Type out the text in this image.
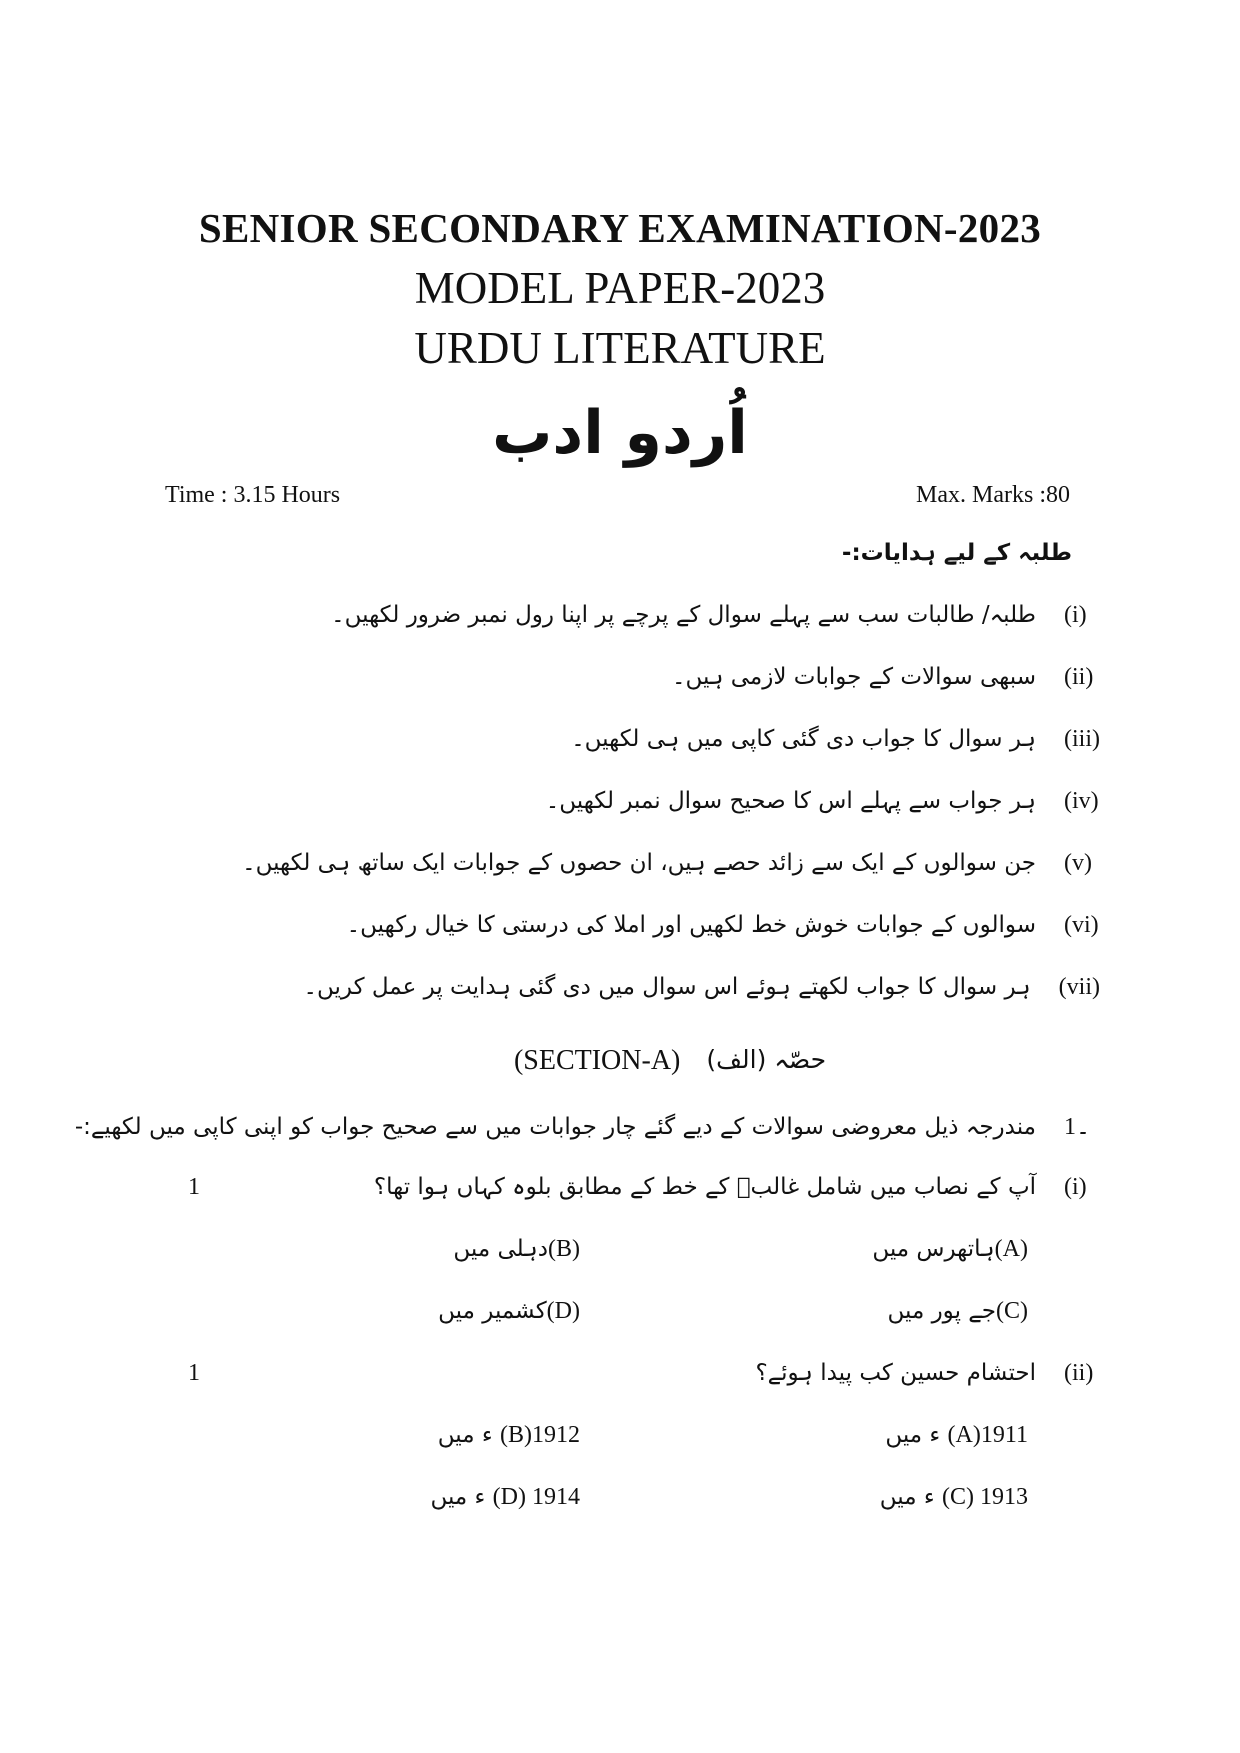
SENIOR SECONDARY EXAMINATION-2023
MODEL PAPER-2023
URDU LITERATURE
اُردو ادب
Time : 3.15 Hours	Max. Marks :80
طلبہ کے لیے ہدایات:-
(i)
طلبہ/ طالبات سب سے پہلے سوال کے پرچے پر اپنا رول نمبر ضرور لکھیں۔
(ii)
سبھی سوالات کے جوابات لازمی ہیں۔
(iii)
ہر سوال کا جواب دی گئی کاپی میں ہی لکھیں۔
(iv)
ہر جواب سے پہلے اس کا صحیح سوال نمبر لکھیں۔
(v)
جن سوالوں کے ایک سے زائد حصے ہیں، ان حصوں کے جوابات ایک ساتھ ہی لکھیں۔
(vi)
سوالوں کے جوابات خوش خط لکھیں اور املا کی درستی کا خیال رکھیں۔
(vii)
ہر سوال کا جواب لکھتے ہوئے اس سوال میں دی گئی ہدایت پر عمل کریں۔
حصّہ (الف)
(SECTION-A)
1۔
مندرجہ ذیل معروضی سوالات کے دیے گئے چار جوابات میں سے صحیح جواب کو اپنی کاپی میں لکھیے:-
(i)
آپ کے نصاب میں شامل غالبؔ کے خط کے مطابق بلوہ کہاں ہوا تھا؟
1
(A)ہاتھرس میں
(B)دہلی میں
(C)جے پور میں
(D)کشمیر میں
(ii)
احتشام حسین کب پیدا ہوئے؟
1
1911(A) ء میں
1912(B) ء میں
1913 (C) ء میں
1914 (D) ء میں
